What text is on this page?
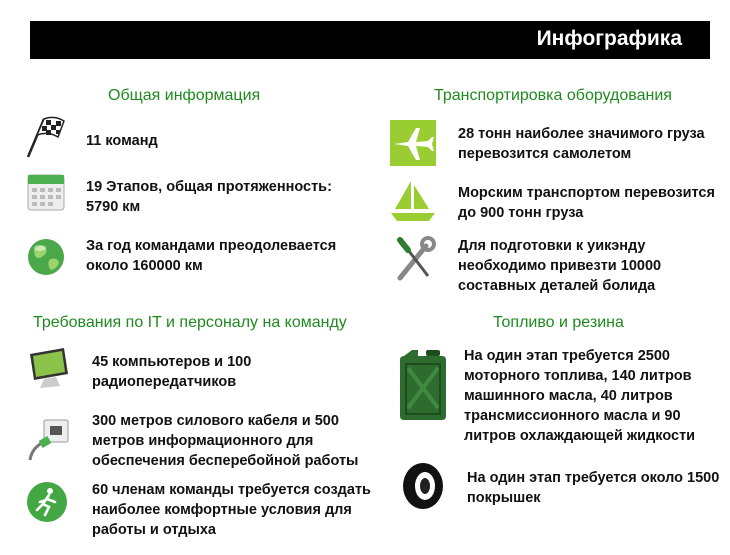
Инфографика
Общая информация	Транспортировка оборудования
Требования по IT и персоналу на команду	Топливо и резина
11 команд
19 Этапов, общая протяженность: 5790 км
За год командами преодолевается около 160000 км
28 тонн наиболее значимого груза перевозится самолетом
Морским транспортом перевозится до 900 тонн груза
Для подготовки к уикэнду необходимо привезти 10000 составных деталей болида
45 компьютеров и 100 радиопередатчиков
300 метров силового кабеля и 500 метров информационного для обеспечения бесперебойной работы
60 членам команды требуется создать наиболее комфортные условия для работы и отдыха
На один этап требуется 2500 моторного топлива, 140 литров машинного масла, 40 литров трансмиссионного масла и 90 литров охлаждающей жидкости
На один этап требуется около 1500 покрышек
